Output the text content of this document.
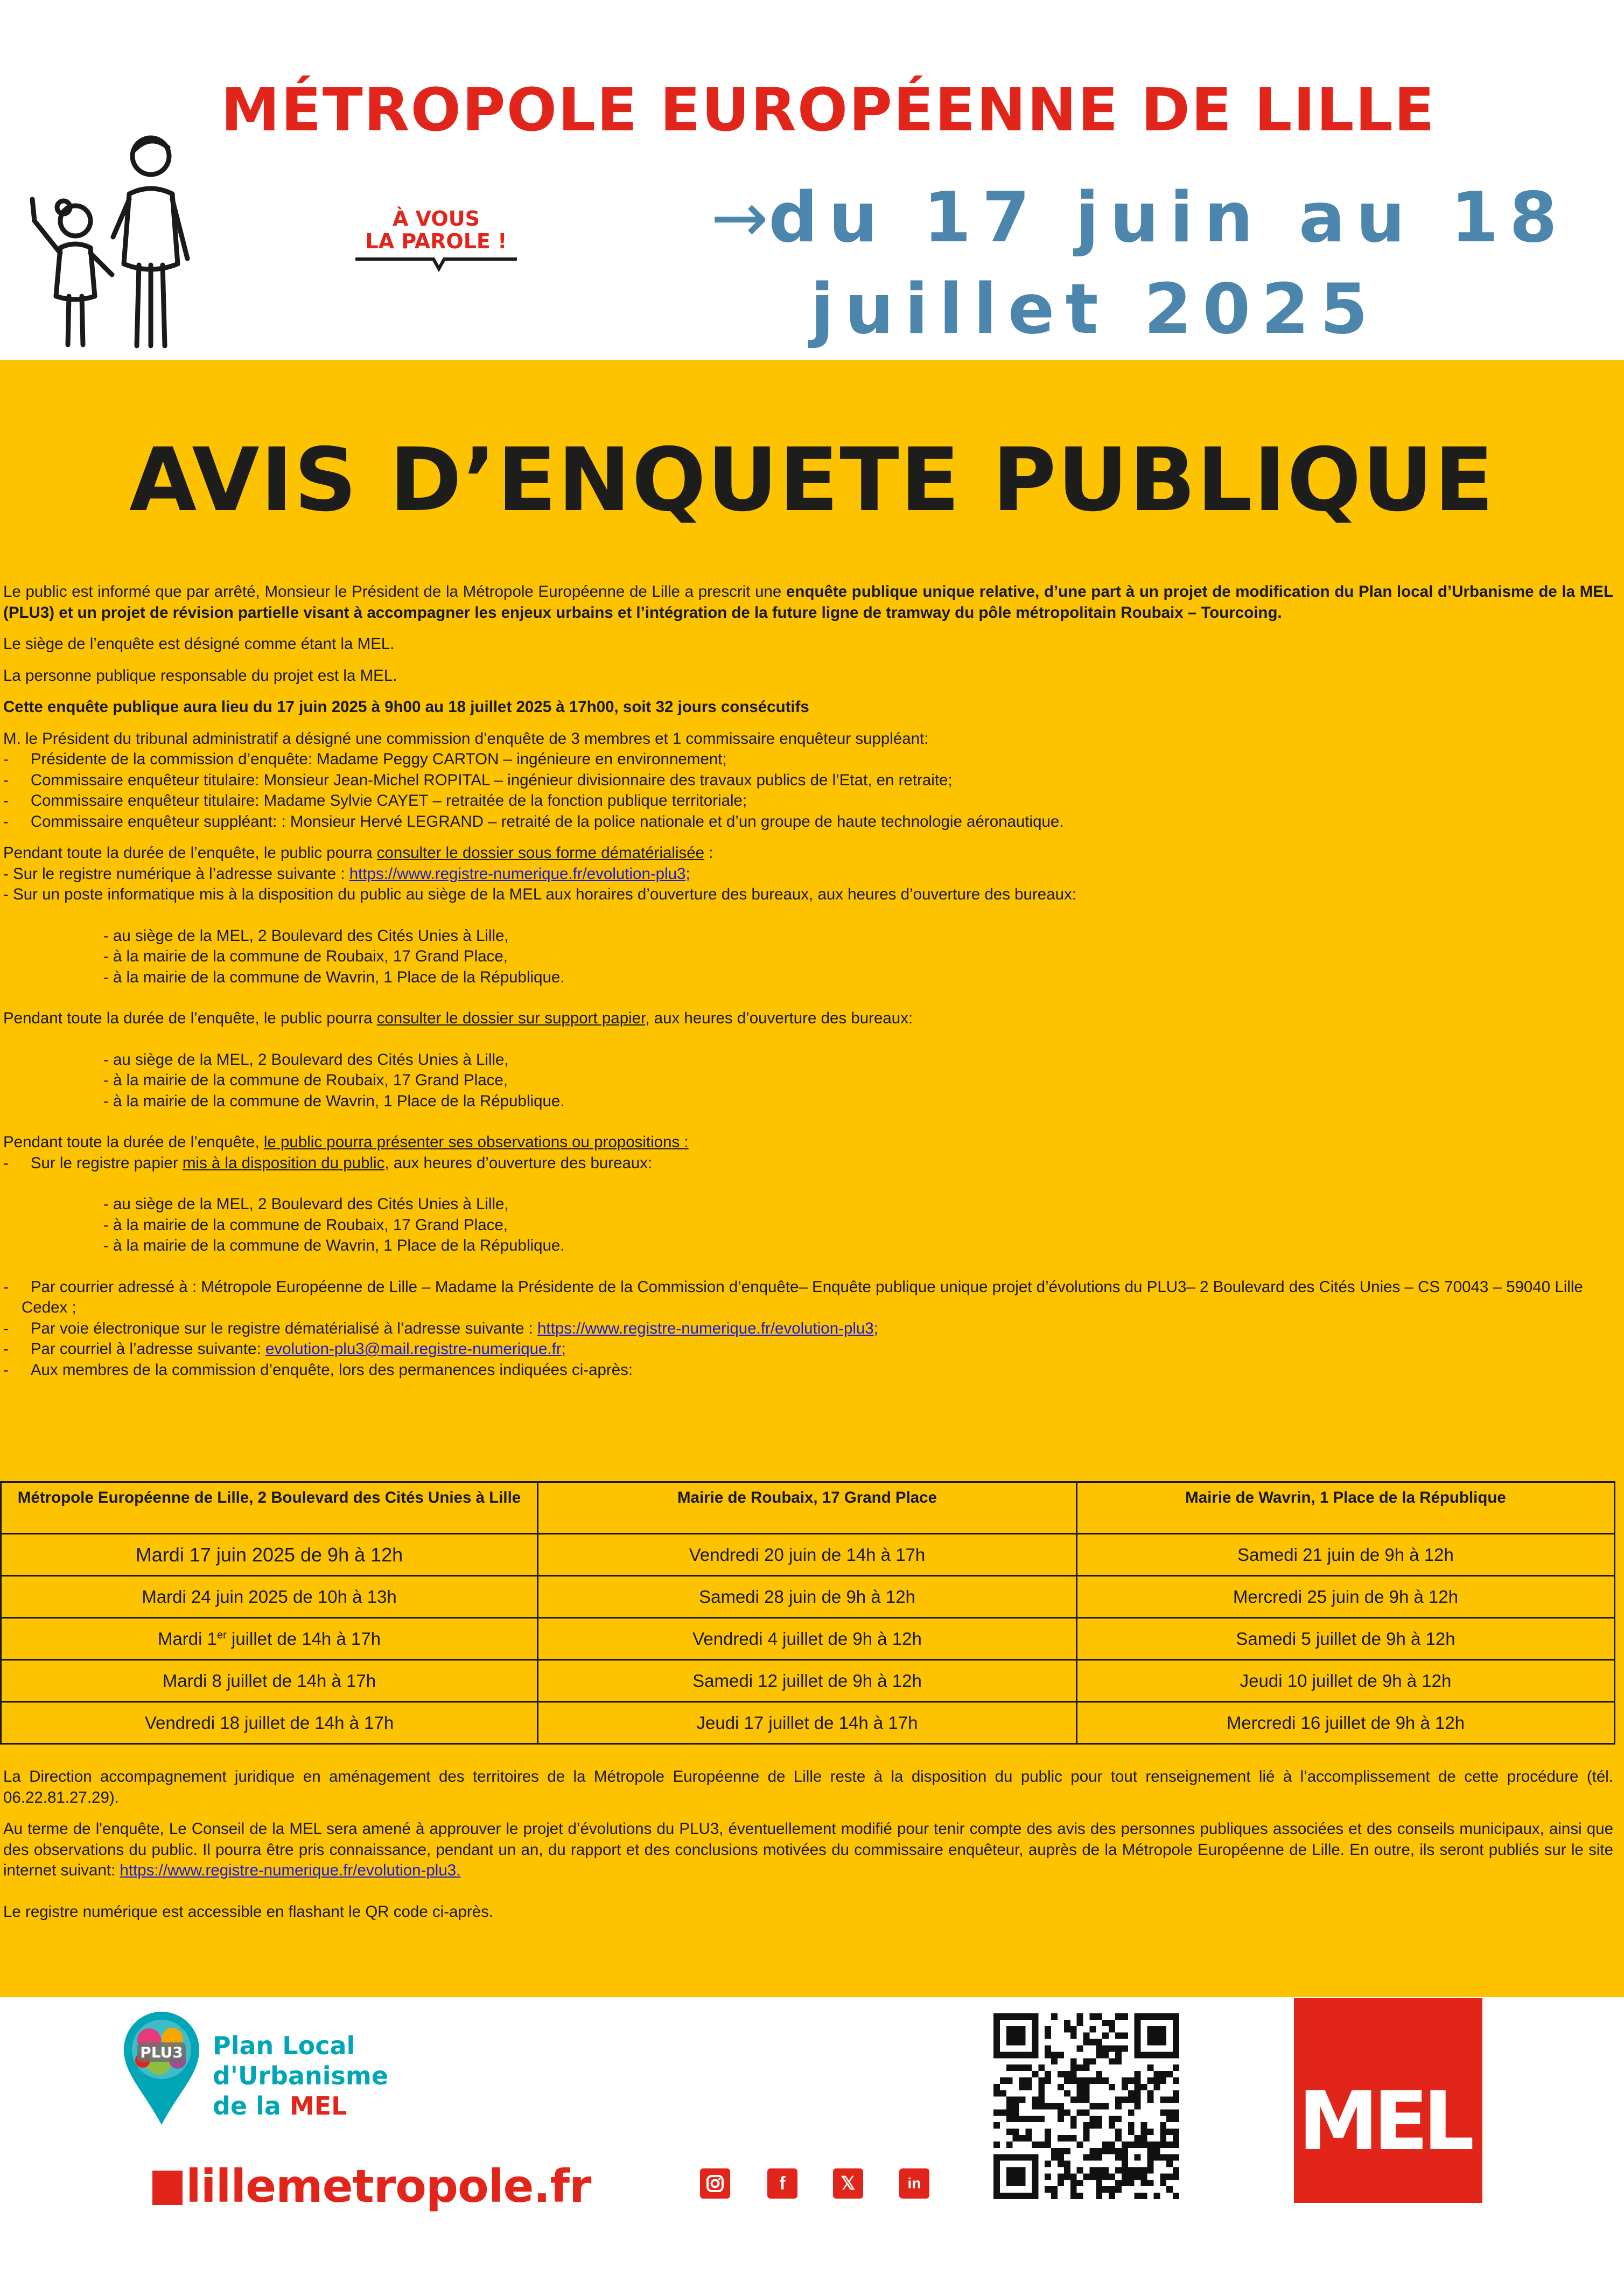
MÉTROPOLE EUROPÉENNE DE LILLE
À VOUS
LA PAROLE !	→du 17 juin au 18
juillet 2025
AVIS D’ENQUETE PUBLIQUE

Le public est informé que par arrêté, Monsieur le Président de la Métropole Européenne de Lille a prescrit une enquête publique unique relative, d’une part à un projet de modification du Plan local d’Urbanisme de la MEL (PLU3) et un projet de révision partielle visant à accompagner les enjeux urbains et l’intégration de la future ligne de tramway du pôle métropolitain Roubaix – Tourcoing.

Le siège de l’enquête est désigné comme étant la MEL.

La personne publique responsable du projet est la MEL.

Cette enquête publique aura lieu du 17 juin 2025 à 9h00 au 18 juillet 2025 à 17h00, soit 32 jours consécutifs

M. le Président du tribunal administratif a désigné une commission d’enquête de 3 membres et 1 commissaire enquêteur suppléant:

-     Présidente de la commission d’enquête: Madame Peggy CARTON – ingénieure en environnement;

-     Commissaire enquêteur titulaire: Monsieur Jean-Michel ROPITAL – ingénieur divisionnaire des travaux publics de l’Etat, en retraite;

-     Commissaire enquêteur titulaire: Madame Sylvie CAYET – retraitée de la fonction publique territoriale;

-     Commissaire enquêteur suppléant: : Monsieur Hervé LEGRAND – retraité de la police nationale et d’un groupe de haute technologie aéronautique.

Pendant toute la durée de l’enquête, le public pourra consulter le dossier sous forme dématérialisée :

- Sur le registre numérique à l’adresse suivante : https://www.registre-numerique.fr/evolution-plu3;

- Sur un poste informatique mis à la disposition du public au siège de la MEL aux horaires d’ouverture des bureaux, aux heures d’ouverture des bureaux:

- au siège de la MEL, 2 Boulevard des Cités Unies à Lille,

- à la mairie de la commune de Roubaix, 17 Grand Place,

- à la mairie de la commune de Wavrin, 1 Place de la République.

Pendant toute la durée de l’enquête, le public pourra consulter le dossier sur support papier, aux heures d’ouverture des bureaux:

- au siège de la MEL, 2 Boulevard des Cités Unies à Lille,

- à la mairie de la commune de Roubaix, 17 Grand Place,

- à la mairie de la commune de Wavrin, 1 Place de la République.

Pendant toute la durée de l’enquête, le public pourra présenter ses observations ou propositions :

-     Sur le registre papier mis à la disposition du public, aux heures d’ouverture des bureaux:

- au siège de la MEL, 2 Boulevard des Cités Unies à Lille,

- à la mairie de la commune de Roubaix, 17 Grand Place,

- à la mairie de la commune de Wavrin, 1 Place de la République.

-     Par courrier adressé à : Métropole Européenne de Lille – Madame la Présidente de la Commission d’enquête– Enquête publique unique projet d’évolutions du PLU3– 2 Boulevard des Cités Unies – CS 70043 – 59040 Lille Cedex ;

-     Par voie électronique sur le registre dématérialisé à l’adresse suivante : https://www.registre-numerique.fr/evolution-plu3;

-     Par courriel à l’adresse suivante: evolution-plu3@mail.registre-numerique.fr;

-     Aux membres de la commission d’enquête, lors des permanences indiquées ci-après:

Métropole Européenne de Lille, 2 Boulevard des Cités Unies à Lille	Mairie de Roubaix, 17 Grand Place	Mairie de Wavrin, 1 Place de la République
Mardi 17 juin 2025 de 9h à 12h	Vendredi 20 juin de 14h à 17h	Samedi 21 juin de 9h à 12h
Mardi 24 juin 2025 de 10h à 13h	Samedi 28 juin de 9h à 12h	Mercredi 25 juin de 9h à 12h
Mardi 1er juillet de 14h à 17h	Vendredi 4 juillet de 9h à 12h	Samedi 5 juillet de 9h à 12h
Mardi 8 juillet de 14h à 17h	Samedi 12 juillet de 9h à 12h	Jeudi 10 juillet de 9h à 12h
Vendredi 18 juillet de 14h à 17h	Jeudi 17 juillet de 14h à 17h	Mercredi 16 juillet de 9h à 12h

La Direction accompagnement juridique en aménagement des territoires de la Métropole Européenne de Lille reste à la disposition du public pour tout renseignement lié à l’accomplissement de cette procédure (tél. 06.22.81.27.29).

Au terme de l'enquête, Le Conseil de la MEL sera amené à approuver le projet d’évolutions du PLU3, éventuellement modifié pour tenir compte des avis des personnes publiques associées et des conseils municipaux, ainsi que des observations du public. Il pourra être pris connaissance, pendant un an, du rapport et des conclusions motivées du commissaire enquêteur, auprès de la Métropole Européenne de Lille. En outre, ils seront publiés sur le site internet suivant: https://www.registre-numerique.fr/evolution-plu3.

Le registre numérique est accessible en flashant le QR code ci-après.

PLU3 Plan Local
d'Urbanisme
de la MEL
lillemetropole.fr	f	𝕏	in
MEL
